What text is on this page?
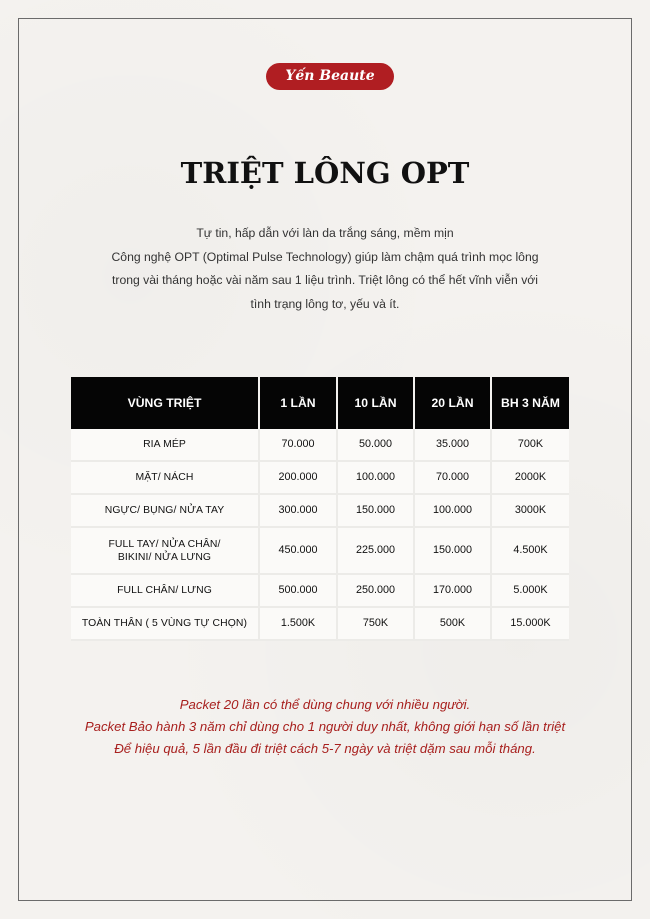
Yến Beaute
TRIỆT LÔNG OPT
Tự tin, hấp dẫn với làn da trắng sáng, mềm mịn
Công nghệ OPT (Optimal Pulse Technology) giúp làm chậm quá trình mọc lông
trong vài tháng hoặc vài năm sau 1 liệu trình. Triệt lông có thể hết vĩnh viễn với
tình trạng lông tơ, yếu và ít.
VÙNG TRIỆT	1 LẦN	10 LẦN	20 LẦN	BH 3 NĂM
RIA MÉP	70.000	50.000	35.000	700K
MẶT/ NÁCH	200.000	100.000	70.000	2000K
NGỰC/ BỤNG/ NỬA TAY	300.000	150.000	100.000	3000K
FULL TAY/ NỬA CHÂN/ BIKINI/ NỬA LƯNG	450.000	225.000	150.000	4.500K
FULL CHÂN/ LƯNG	500.000	250.000	170.000	5.000K
TOÀN THÂN ( 5 VÙNG TỰ CHỌN)	1.500K	750K	500K	15.000K
Packet 20 lần có thể dùng chung với nhiều người.
Packet Bảo hành 3 năm chỉ dùng cho 1 người duy nhất, không giới hạn số lần triệt
Để hiệu quả, 5 lần đầu đi triệt cách 5-7 ngày và triệt dặm sau mỗi tháng.
